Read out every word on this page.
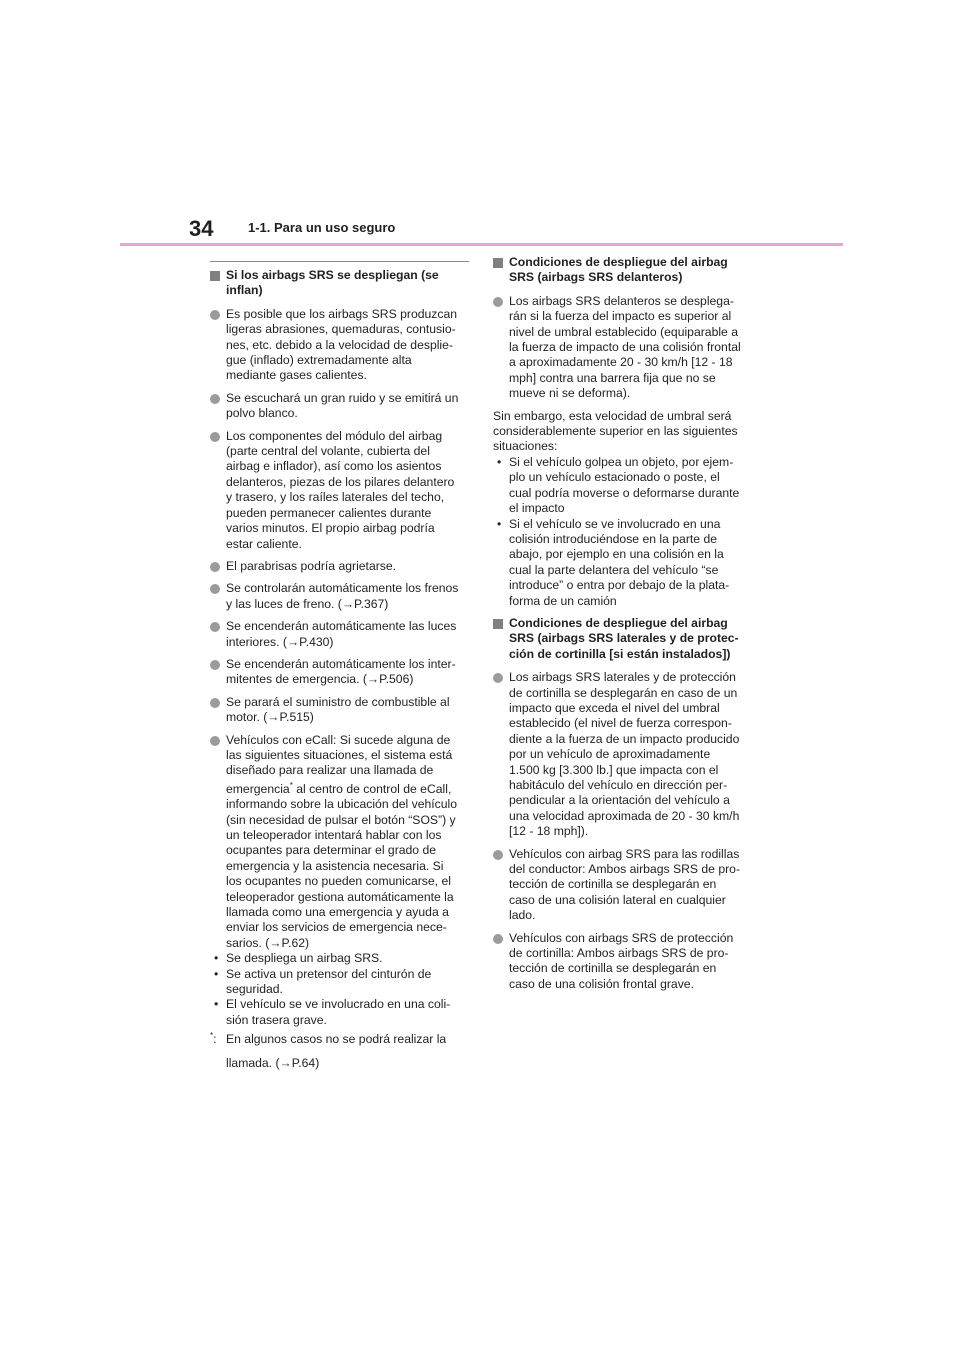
34	1-1. Para un uso seguro
Si los airbags SRS se despliegan (se
inflan)
Es posible que los airbags SRS produzcan
ligeras abrasiones, quemaduras, contusio-
nes, etc. debido a la velocidad de desplie-
gue (inflado) extremadamente alta
mediante gases calientes.
Se escuchará un gran ruido y se emitirá un
polvo blanco.
Los componentes del módulo del airbag
(parte central del volante, cubierta del
airbag e inflador), así como los asientos
delanteros, piezas de los pilares delantero
y trasero, y los raíles laterales del techo,
pueden permanecer calientes durante
varios minutos. El propio airbag podría
estar caliente.
El parabrisas podría agrietarse.
Se controlarán automáticamente los frenos
y las luces de freno. (→P.367)
Se encenderán automáticamente las luces
interiores. (→P.430)
Se encenderán automáticamente los inter-
mitentes de emergencia. (→P.506)
Se parará el suministro de combustible al
motor. (→P.515)
Vehículos con eCall: Si sucede alguna de
las siguientes situaciones, el sistema está
diseñado para realizar una llamada de
emergencia* al centro de control de eCall,
informando sobre la ubicación del vehículo
(sin necesidad de pulsar el botón “SOS”) y
un teleoperador intentará hablar con los
ocupantes para determinar el grado de
emergencia y la asistencia necesaria. Si
los ocupantes no pueden comunicarse, el
teleoperador gestiona automáticamente la
llamada como una emergencia y ayuda a
enviar los servicios de emergencia nece-
sarios. (→P.62)
• Se despliega un airbag SRS.
• Se activa un pretensor del cinturón de
seguridad.
• El vehículo se ve involucrado en una coli-
sión trasera grave.
*: En algunos casos no se podrá realizar la
llamada. (→P.64)
Condiciones de despliegue del airbag
SRS (airbags SRS delanteros)
Los airbags SRS delanteros se desplega-
rán si la fuerza del impacto es superior al
nivel de umbral establecido (equiparable a
la fuerza de impacto de una colisión frontal
a aproximadamente 20 - 30 km/h [12 - 18
mph] contra una barrera fija que no se
mueve ni se deforma).
Sin embargo, esta velocidad de umbral será
considerablemente superior en las siguientes
situaciones:
• Si el vehículo golpea un objeto, por ejem-
plo un vehículo estacionado o poste, el
cual podría moverse o deformarse durante
el impacto
• Si el vehículo se ve involucrado en una
colisión introduciéndose en la parte de
abajo, por ejemplo en una colisión en la
cual la parte delantera del vehículo “se
introduce” o entra por debajo de la plata-
forma de un camión
Condiciones de despliegue del airbag
SRS (airbags SRS laterales y de protec-
ción de cortinilla [si están instalados])
Los airbags SRS laterales y de protección
de cortinilla se desplegarán en caso de un
impacto que exceda el nivel del umbral
establecido (el nivel de fuerza correspon-
diente a la fuerza de un impacto producido
por un vehículo de aproximadamente
1.500 kg [3.300 lb.] que impacta con el
habitáculo del vehículo en dirección per-
pendicular a la orientación del vehículo a
una velocidad aproximada de 20 - 30 km/h
[12 - 18 mph]).
Vehículos con airbag SRS para las rodillas
del conductor: Ambos airbags SRS de pro-
tección de cortinilla se desplegarán en
caso de una colisión lateral en cualquier
lado.
Vehículos con airbags SRS de protección
de cortinilla: Ambos airbags SRS de pro-
tección de cortinilla se desplegarán en
caso de una colisión frontal grave.
